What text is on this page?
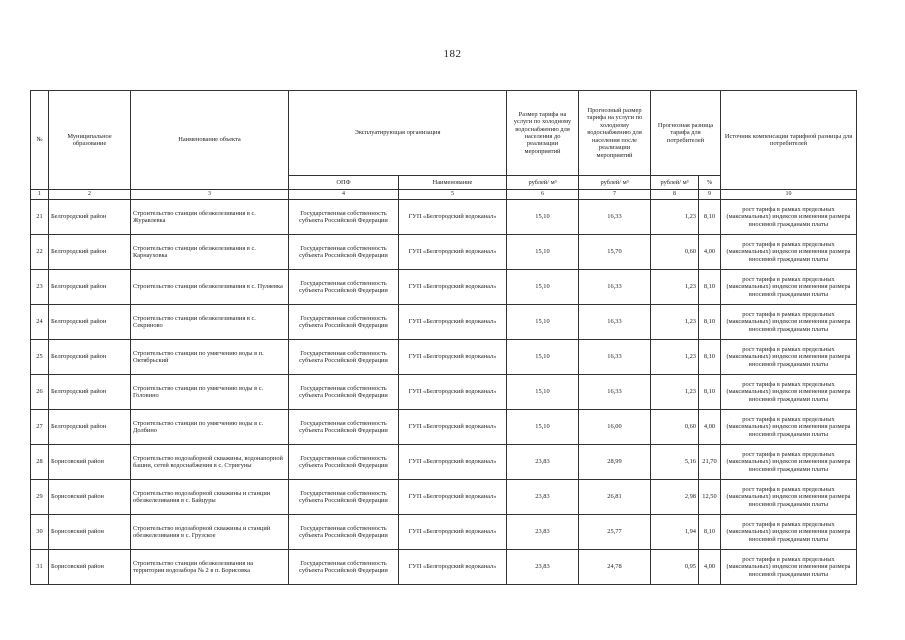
182
№	Муниципальное образование	Наименование объекта	Эксплуатирующая организация		Размер тарифа на услуги по холодному водоснабжению для населения до реализации мероприятий	Прогнозный размер тарифа на услуги по холодному водоснабжению для населения после реализации мероприятий	Прогнозная разница тарифа для потребителей		Источник компенсации тарифной разницы для потребителей
			ОПФ	Наименование	рублей/ м³	рублей/ м³	рублей/ м³	%	
1	2	3	4	5	6	7	8	9	10
21	Белгородский район	Строительство станции обезжелезивания в с. Журавлевка	Государственная собственность субъекта Российской Федерации	ГУП «Белгородский водоканал»	15,10	16,33	1,23	8,10	рост тарифа в рамках предельных (максимальных) индексов изменения размера вносимой гражданами платы
22	Белгородский район	Строительство станции обезжелезивания в с. Карнауховка	Государственная собственность субъекта Российской Федерации	ГУП «Белгородский водоканал»	15,10	15,70	0,60	4,00	рост тарифа в рамках предельных (максимальных) индексов изменения размера вносимой гражданами платы
23	Белгородский район	Строительство станции обезжелезивания в с. Пуляевка	Государственная собственность субъекта Российской Федерации	ГУП «Белгородский водоканал»	15,10	16,33	1,23	8,10	рост тарифа в рамках предельных (максимальных) индексов изменения размера вносимой гражданами платы
24	Белгородский район	Строительство станции обезжелезивания в с. Секриново	Государственная собственность субъекта Российской Федерации	ГУП «Белгородский водоканал»	15,10	16,33	1,23	8,10	рост тарифа в рамках предельных (максимальных) индексов изменения размера вносимой гражданами платы
25	Белгородский район	Строительство станции по умягчению воды в п. Октябрьский	Государственная собственность субъекта Российской Федерации	ГУП «Белгородский водоканал»	15,10	16,33	1,23	8,10	рост тарифа в рамках предельных (максимальных) индексов изменения размера вносимой гражданами платы
26	Белгородский район	Строительство станции по умягчению воды в с. Головино	Государственная собственность субъекта Российской Федерации	ГУП «Белгородский водоканал»	15,10	16,33	1,23	8,10	рост тарифа в рамках предельных (максимальных) индексов изменения размера вносимой гражданами платы
27	Белгородский район	Строительство станции по умягчению воды в с. Долбино	Государственная собственность субъекта Российской Федерации	ГУП «Белгородский водоканал»	15,10	16,00	0,60	4,00	рост тарифа в рамках предельных (максимальных) индексов изменения размера вносимой гражданами платы
28	Борисовский район	Строительство водозаборной скважины, водонапорной башни, сетей водоснабжения в с. Стригуны	Государственная собственность субъекта Российской Федерации	ГУП «Белгородский водоканал»	23,83	28,99	5,16	21,70	рост тарифа в рамках предельных (максимальных) индексов изменения размера вносимой гражданами платы
29	Борисовский район	Строительство водозаборной скважины и станции обезжелезивания в с. Байцуры	Государственная собственность субъекта Российской Федерации	ГУП «Белгородский водоканал»	23,83	26,81	2,98	12,50	рост тарифа в рамках предельных (максимальных) индексов изменения размера вносимой гражданами платы
30	Борисовский район	Строительство водозаборной скважины и станций обезжелезивания в с. Грузское	Государственная собственность субъекта Российской Федерации	ГУП «Белгородский водоканал»	23,83	25,77	1,94	8,10	рост тарифа в рамках предельных (максимальных) индексов изменения размера вносимой гражданами платы
31	Борисовский район	Строительство станции обезжелезивания на территории водозабора № 2 в п. Борисовка	Государственная собственность субъекта Российской Федерации	ГУП «Белгородский водоканал»	23,83	24,78	0,95	4,00	рост тарифа в рамках предельных (максимальных) индексов изменения размера вносимой гражданами платы
